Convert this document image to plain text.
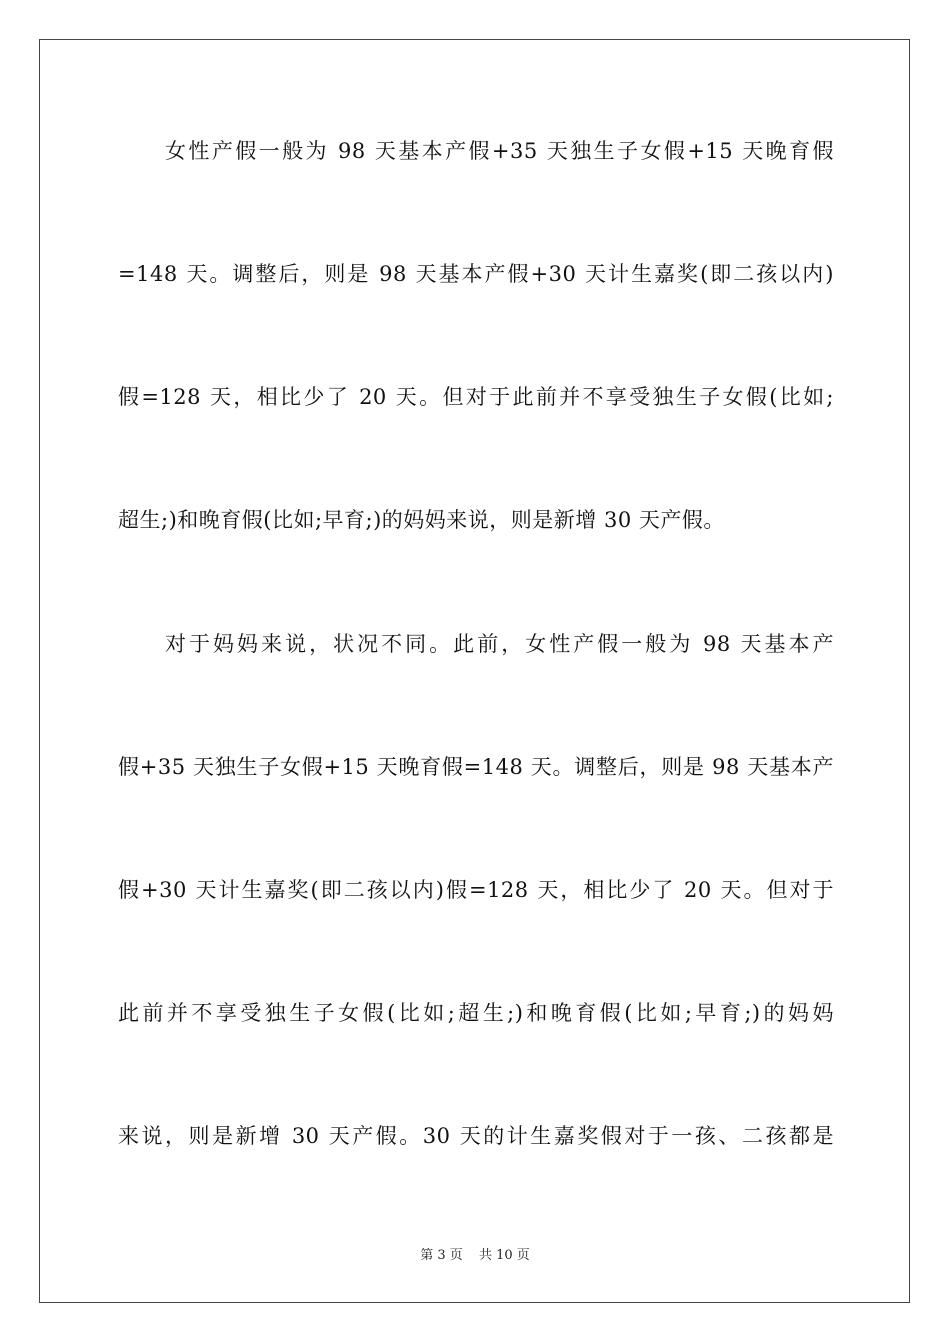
女性产假一般为 98 天基本产假+35 天独生子女假+15 天晚育假
=148 天。调整后，则是 98 天基本产假+30 天计生嘉奖(即二孩以内)
假=128 天，相比少了 20 天。但对于此前并不享受独生子女假(比如;
超生;)和晚育假(比如;早育;)的妈妈来说，则是新增 30 天产假。
对于妈妈来说，状况不同。此前，女性产假一般为 98 天基本产
假+35 天独生子女假+15 天晚育假=148 天。调整后，则是 98 天基本产
假+30 天计生嘉奖(即二孩以内)假=128 天，相比少了 20 天。但对于
此前并不享受独生子女假(比如;超生;)和晚育假(比如;早育;)的妈妈
来说，则是新增 30 天产假。30 天的计生嘉奖假对于一孩、二孩都是
第 3 页 共 10 页
